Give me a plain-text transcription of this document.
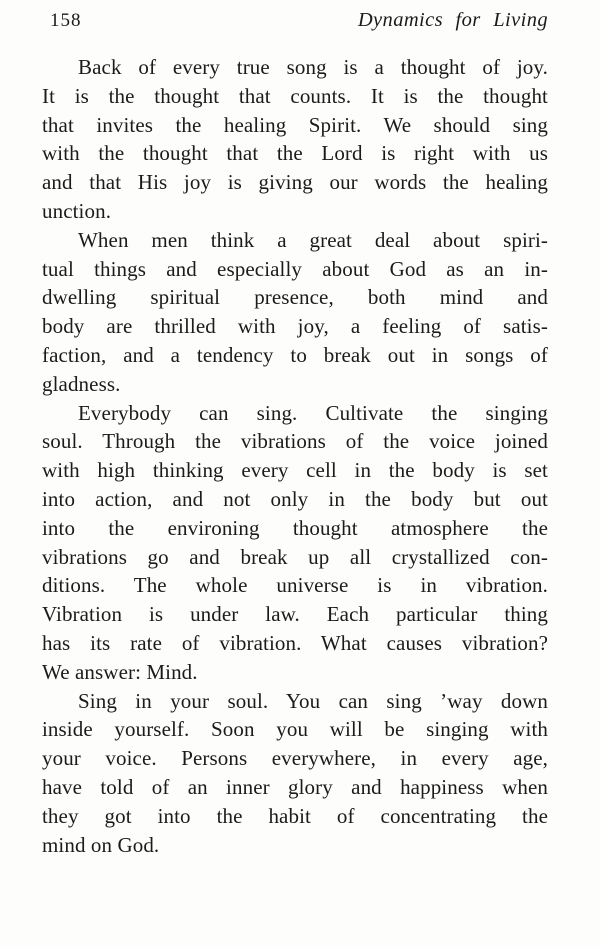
158	Dynamics for Living
Back of every true song is a thought of joy.
It is the thought that counts. It is the thought
that invites the healing Spirit. We should sing
with the thought that the Lord is right with us
and that His joy is giving our words the healing
unction.
When men think a great deal about spiri-
tual things and especially about God as an in-
dwelling spiritual presence, both mind and
body are thrilled with joy, a feeling of satis-
faction, and a tendency to break out in songs of
gladness.
Everybody can sing. Cultivate the singing
soul. Through the vibrations of the voice joined
with high thinking every cell in the body is set
into action, and not only in the body but out
into the environing thought atmosphere the
vibrations go and break up all crystallized con-
ditions. The whole universe is in vibration.
Vibration is under law. Each particular thing
has its rate of vibration. What causes vibration?
We answer: Mind.
Sing in your soul. You can sing ’way down
inside yourself. Soon you will be singing with
your voice. Persons everywhere, in every age,
have told of an inner glory and happiness when
they got into the habit of concentrating the
mind on God.
